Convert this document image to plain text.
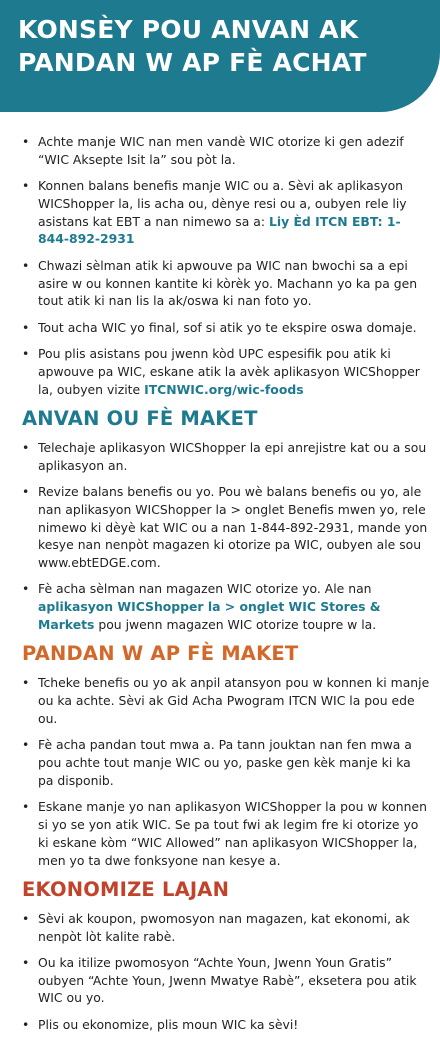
KONSÈY POU ANVAN AK PANDAN W AP FÈ ACHAT
• Achte manje WIC nan men vandè WIC otorize ki gen adezif “WIC Aksepte Isit la” sou pòt la.
• Konnen balans benefis manje WIC ou a. Sèvi ak aplikasyon WICShopper la, lis acha ou, dènye resi ou a, oubyen rele liy asistans kat EBT a nan nimewo sa a: Liy Èd ITCN EBT: 1-844-892-2931
• Chwazi sèlman atik ki apwouve pa WIC nan bwochi sa a epi asire w ou konnen kantite ki kòrèk yo. Machann yo ka pa gen tout atik ki nan lis la ak/oswa ki nan foto yo.
• Tout acha WIC yo final, sof si atik yo te ekspire oswa domaje.
• Pou plis asistans pou jwenn kòd UPC espesifik pou atik ki apwouve pa WIC, eskane atik la avèk aplikasyon WICShopper la, oubyen vizite ITCNWIC.org/wic-foods
ANVAN OU FÈ MAKET
• Telechaje aplikasyon WICShopper la epi anrejistre kat ou a sou aplikasyon an.
• Revize balans benefis ou yo. Pou wè balans benefis ou yo, ale nan aplikasyon WICShopper la > onglet Benefis mwen yo, rele nimewo ki dèyè kat WIC ou a nan 1-844-892-2931, mande yon kesye nan nenpòt magazen ki otorize pa WIC, oubyen ale sou www.ebtEDGE.com.
• Fè acha sèlman nan magazen WIC otorize yo. Ale nan aplikasyon WICShopper la > onglet WIC Stores & Markets pou jwenn magazen WIC otorize toupre w la.
PANDAN W AP FÈ MAKET
• Tcheke benefis ou yo ak anpil atansyon pou w konnen ki manje ou ka achte. Sèvi ak Gid Acha Pwogram ITCN WIC la pou ede ou.
• Fè acha pandan tout mwa a. Pa tann jouktan nan fen mwa a pou achte tout manje WIC ou yo, paske gen kèk manje ki ka pa disponib.
• Eskane manje yo nan aplikasyon WICShopper la pou w konnen si yo se yon atik WIC. Se pa tout fwi ak legim fre ki otorize yo ki eskane kòm “WIC Allowed” nan aplikasyon WICShopper la, men yo ta dwe fonksyone nan kesye a.
EKONOMIZE LAJAN
• Sèvi ak koupon, pwomosyon nan magazen, kat ekonomi, ak nenpòt lòt kalite rabè.
• Ou ka itilize pwomosyon “Achte Youn, Jwenn Youn Gratis” oubyen “Achte Youn, Jwenn Mwatye Rabè”, eksetera pou atik WIC ou yo.
• Plis ou ekonomize, plis moun WIC ka sèvi!
